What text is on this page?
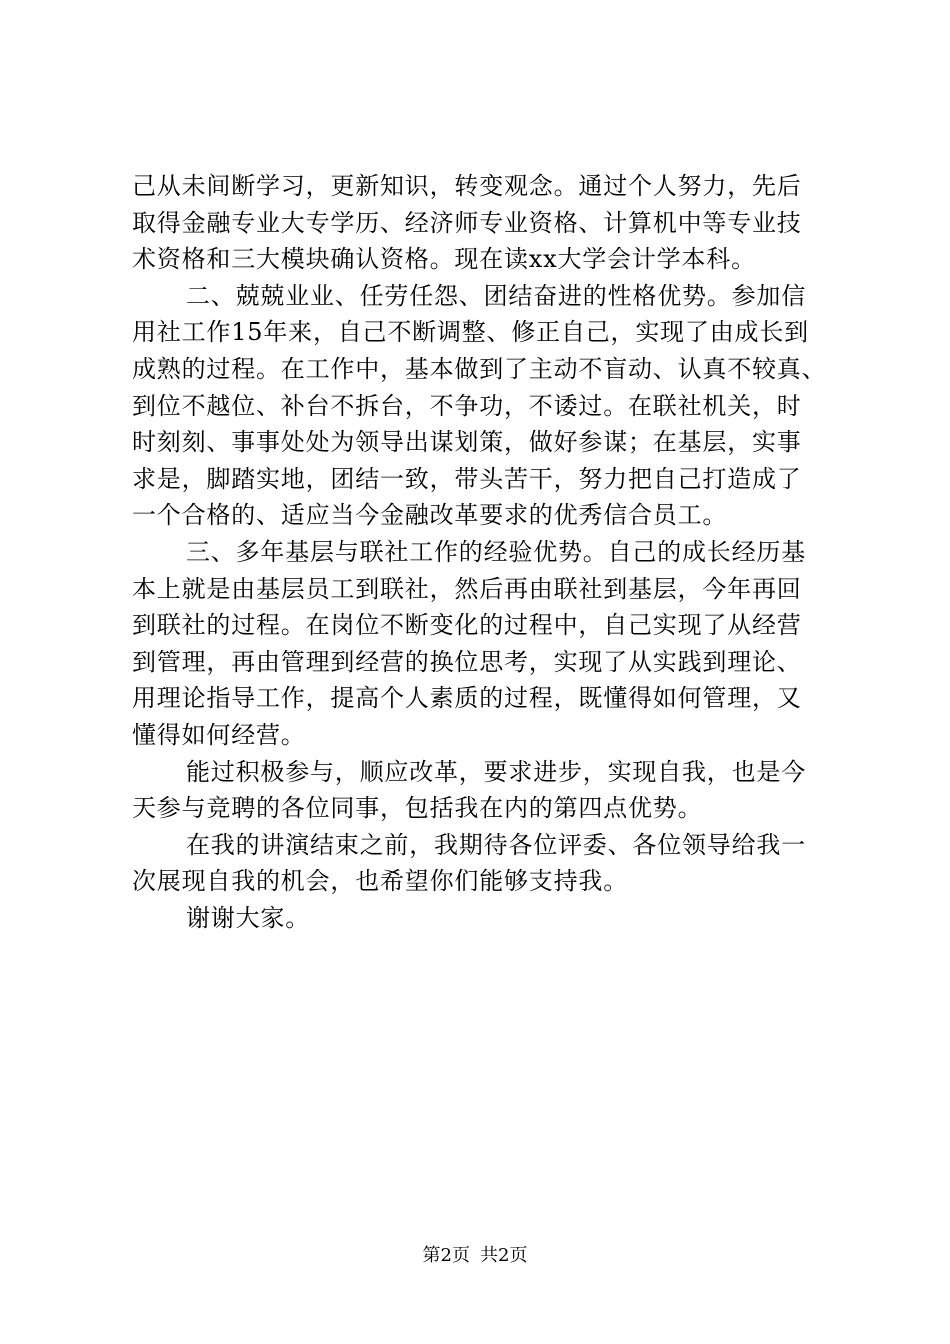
己从未间断学习，更新知识，转变观念。通过个人努力，先后
取得金融专业大专学历、经济师专业资格、计算机中等专业技
术资格和三大模块确认资格。现在读xx大学会计学本科。
二、兢兢业业、任劳任怨、团结奋进的性格优势。参加信
用社工作15年来，自己不断调整、修正自己，实现了由成长到
成熟的过程。在工作中，基本做到了主动不盲动、认真不较真、
到位不越位、补台不拆台，不争功，不诿过。在联社机关，时
时刻刻、事事处处为领导出谋划策，做好参谋；在基层，实事
求是，脚踏实地，团结一致，带头苦干，努力把自己打造成了
一个合格的、适应当今金融改革要求的优秀信合员工。
三、多年基层与联社工作的经验优势。自己的成长经历基
本上就是由基层员工到联社，然后再由联社到基层，今年再回
到联社的过程。在岗位不断变化的过程中，自己实现了从经营
到管理，再由管理到经营的换位思考，实现了从实践到理论、
用理论指导工作，提高个人素质的过程，既懂得如何管理，又
懂得如何经营。
能过积极参与，顺应改革，要求进步，实现自我，也是今
天参与竞聘的各位同事，包括我在内的第四点优势。
在我的讲演结束之前，我期待各位评委、各位领导给我一
次展现自我的机会，也希望你们能够支持我。
谢谢大家。
第2页 共2页
